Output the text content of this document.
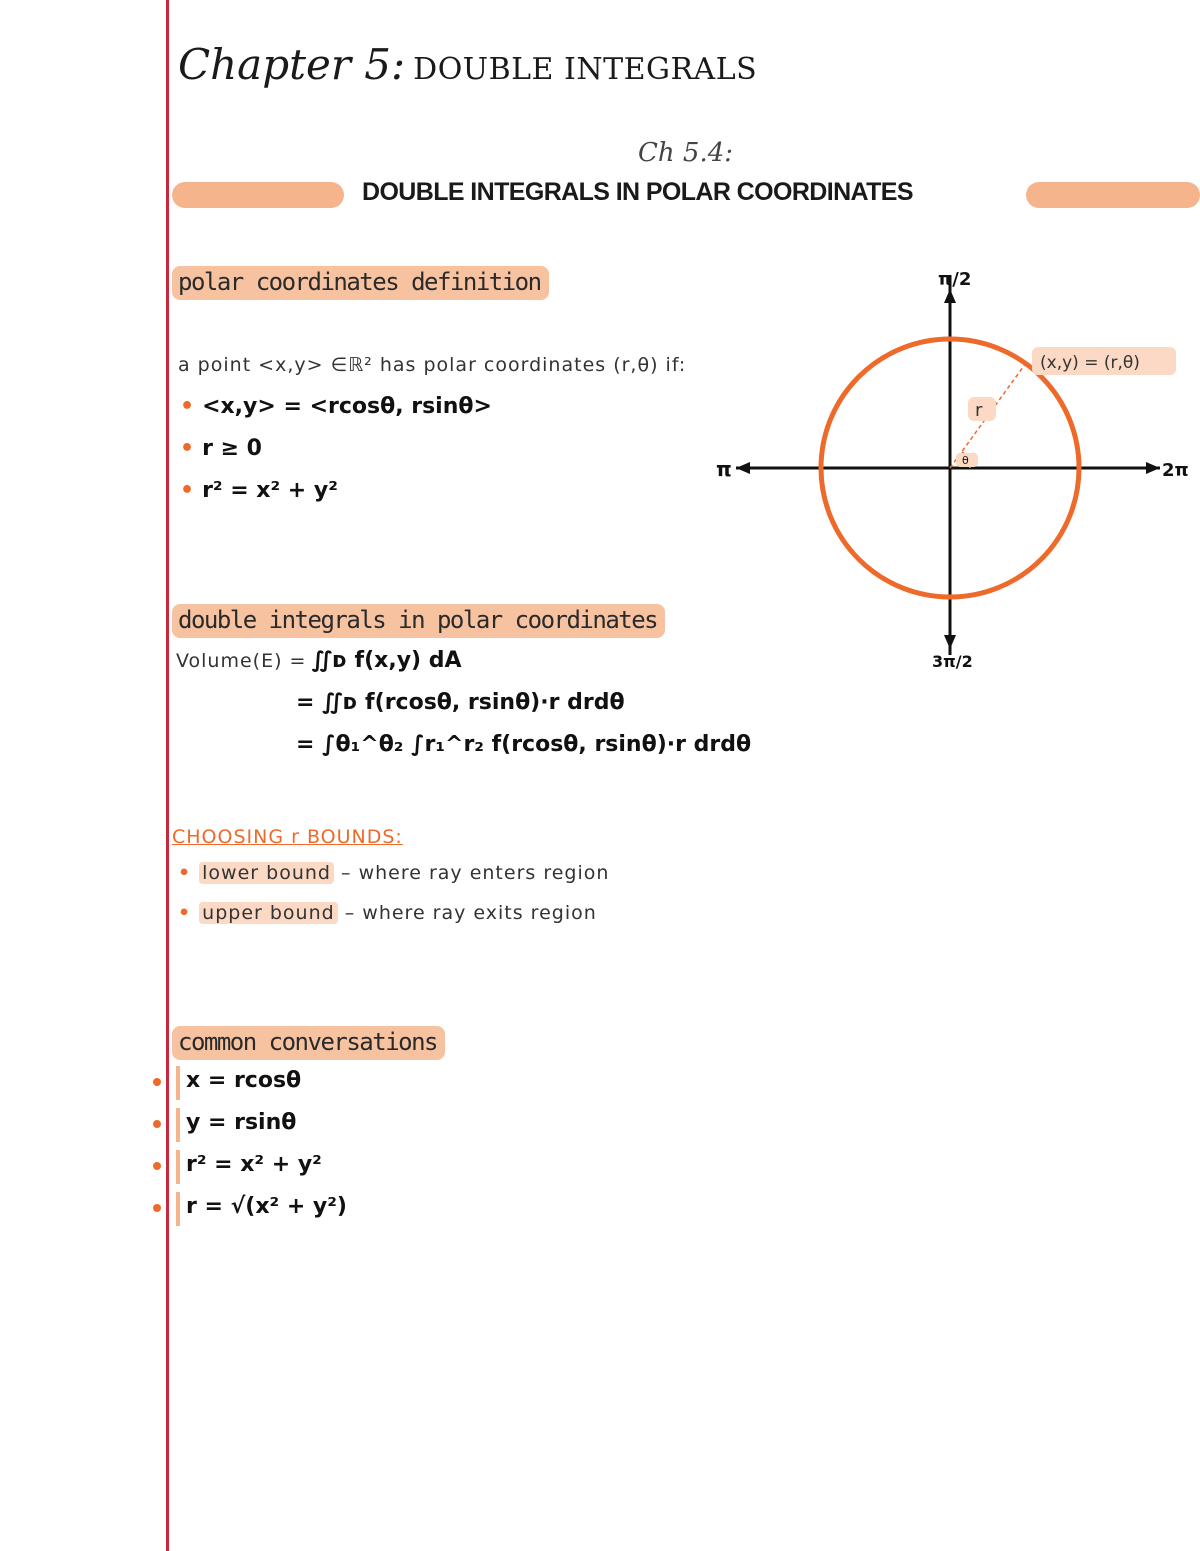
Chapter 5: DOUBLE INTEGRALS
Ch 5.4:
DOUBLE INTEGRALS IN POLAR COORDINATES
polar coordinates definition
a point <x,y> ∈ℝ² has polar coordinates (r,θ) if:
• <x,y> = <rcosθ, rsinθ>
• r ≥ 0
• r² = x² + y²
θ
r
(x,y) = (r,θ)
π/2
3π/2
π	2π
double integrals in polar coordinates
Volume(E) = ∬ᴅ f(x,y) dA
= ∬ᴅ f(rcosθ, rsinθ)·r drdθ
= ∫θ₁^θ₂ ∫r₁^r₂ f(rcosθ, rsinθ)·r drdθ
CHOOSING r BOUNDS:
• lower bound – where ray enters region
• upper bound – where ray exits region
common conversations
x = rcosθ
y = rsinθ
r² = x² + y²
r = √(x² + y²)
